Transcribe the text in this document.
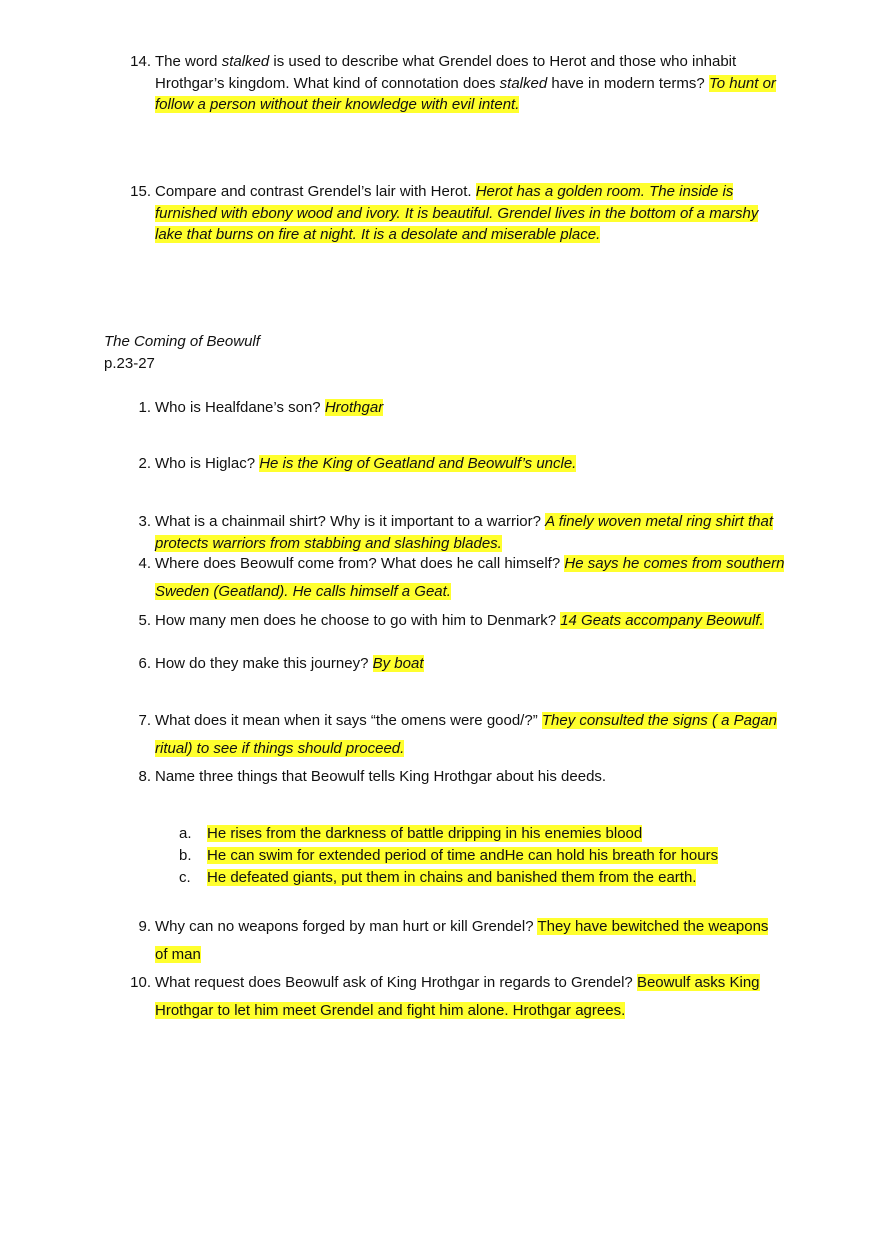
14. The word stalked is used to describe what Grendel does to Herot and those who inhabit Hrothgar’s kingdom. What kind of connotation does stalked have in modern terms? To hunt or follow a person without their knowledge with evil intent.
15. Compare and contrast Grendel’s lair with Herot. Herot has a golden room. The inside is furnished with ebony wood and ivory. It is beautiful. Grendel lives in the bottom of a marshy lake that burns on fire at night. It is a desolate and miserable place.
The Coming of Beowulf
p.23-27
1. Who is Healfdane’s son? Hrothgar
2. Who is Higlac? He is the King of Geatland and Beowulf’s uncle.
3. What is a chainmail shirt? Why is it important to a warrior? A finely woven metal ring shirt that protects warriors from stabbing and slashing blades.
4. Where does Beowulf come from? What does he call himself? He says he comes from southern Sweden (Geatland). He calls himself a Geat.
5. How many men does he choose to go with him to Denmark? 14 Geats accompany Beowulf.
6. How do they make this journey? By boat
7. What does it mean when it says “the omens were good/?” They consulted the signs ( a Pagan ritual) to see if things should proceed.
8. Name three things that Beowulf tells King Hrothgar about his deeds.
a. He rises from the darkness of battle dripping in his enemies blood
b. He can swim for extended period of time andHe can hold his breath for hours
c. He defeated giants, put them in chains and banished them from the earth.
9. Why can no weapons forged by man hurt or kill Grendel? They have bewitched the weapons of man
10. What request does Beowulf ask of King Hrothgar in regards to Grendel? Beowulf asks King Hrothgar to let him meet Grendel and fight him alone. Hrothgar agrees.
